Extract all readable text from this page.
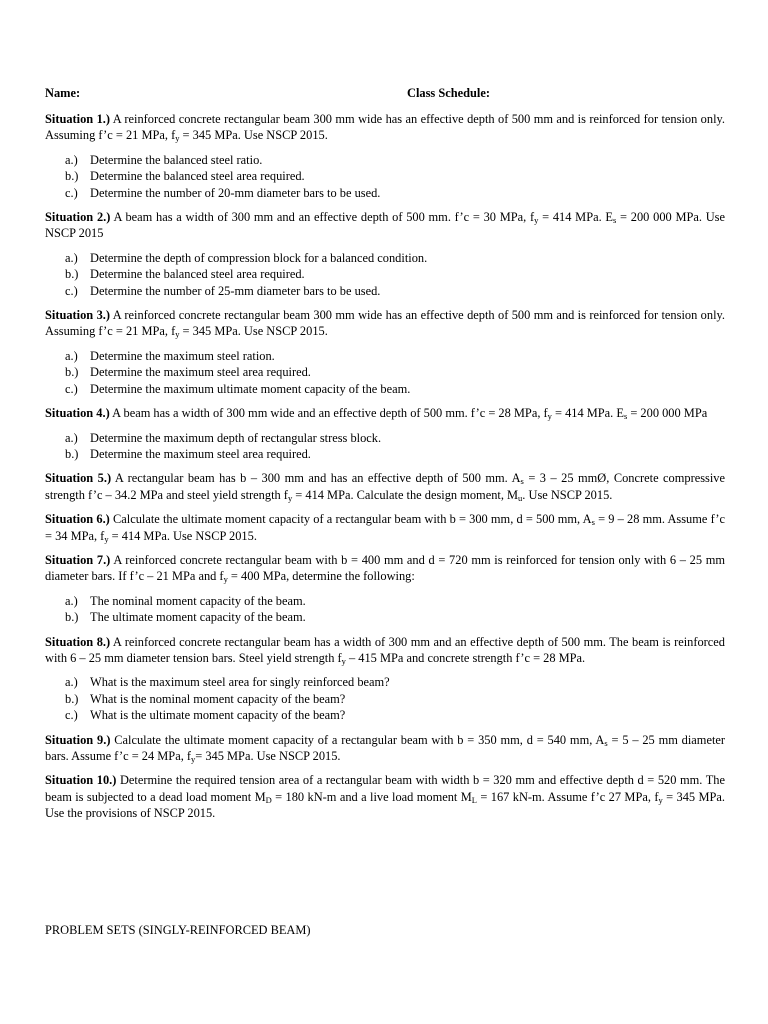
Name:	Class Schedule:

Situation 1.) A reinforced concrete rectangular beam 300 mm wide has an effective depth of 500 mm and is reinforced for tension only. Assuming f’c = 21 MPa, $f_y = 345$ MPa. Use NSCP 2015.

a.) Determine the balanced steel ratio.
b.) Determine the balanced steel area required.
c.) Determine the number of 20-mm diameter bars to be used.

Situation 2.) A beam has a width of 300 mm and an effective depth of 500 mm. f’c = 30 MPa, $f_y = 414$ MPa. $E_s = 200$ 000 MPa. Use NSCP 2015

a.) Determine the depth of compression block for a balanced condition.
b.) Determine the balanced steel area required.
c.) Determine the number of 25-mm diameter bars to be used.

Situation 3.) A reinforced concrete rectangular beam 300 mm wide has an effective depth of 500 mm and is reinforced for tension only. Assuming f’c = 21 MPa, $f_y = 345$ MPa. Use NSCP 2015.

a.) Determine the maximum steel ration.
b.) Determine the maximum steel area required.
c.) Determine the maximum ultimate moment capacity of the beam.

Situation 4.) A beam has a width of 300 mm wide and an effective depth of 500 mm. f’c = 28 MPa, $f_y = 414$ MPa. $E_s = 200$ 000 MPa

a.) Determine the maximum depth of rectangular stress block.
b.) Determine the maximum steel area required.

Situation 5.) A rectangular beam has b – 300 mm and has an effective depth of 500 mm. $A_s = 3 - 25$ mmØ, Concrete compressive strength f’c – 34.2 MPa and steel yield strength $f_y = 414$ MPa. Calculate the design moment, $M_u$. Use NSCP 2015.

Situation 6.) Calculate the ultimate moment capacity of a rectangular beam with b = 300 mm, d = 500 mm, $A_s = 9 - 28$ mm. Assume f’c = 34 MPa, $f_y = 414$ MPa. Use NSCP 2015.

Situation 7.) A reinforced concrete rectangular beam with b = 400 mm and d = 720 mm is reinforced for tension only with 6 – 25 mm diameter bars. If f’c – 21 MPa and $f_y = 400$ MPa, determine the following:

a.) The nominal moment capacity of the beam.
b.) The ultimate moment capacity of the beam.

Situation 8.) A reinforced concrete rectangular beam has a width of 300 mm and an effective depth of 500 mm. The beam is reinforced with 6 – 25 mm diameter tension bars. Steel yield strength $f_y - 415$ MPa and concrete strength f’c = 28 MPa.

a.) What is the maximum steel area for singly reinforced beam?
b.) What is the nominal moment capacity of the beam?
c.) What is the ultimate moment capacity of the beam?

Situation 9.) Calculate the ultimate moment capacity of a rectangular beam with b = 350 mm, d = 540 mm, $A_s = 5 - 25$ mm diameter bars. Assume f’c = 24 MPa, $f_y= 345$ MPa. Use NSCP 2015.

Situation 10.) Determine the required tension area of a rectangular beam with width b = 320 mm and effective depth d = 520 mm. The beam is subjected to a dead load moment $M_D = 180$ kN-m and a live load moment $M_L = 167$ kN-m. Assume f’c 27 MPa, $f_y = 345$ MPa. Use the provisions of NSCP 2015.

PROBLEM SETS (SINGLY-REINFORCED BEAM)
